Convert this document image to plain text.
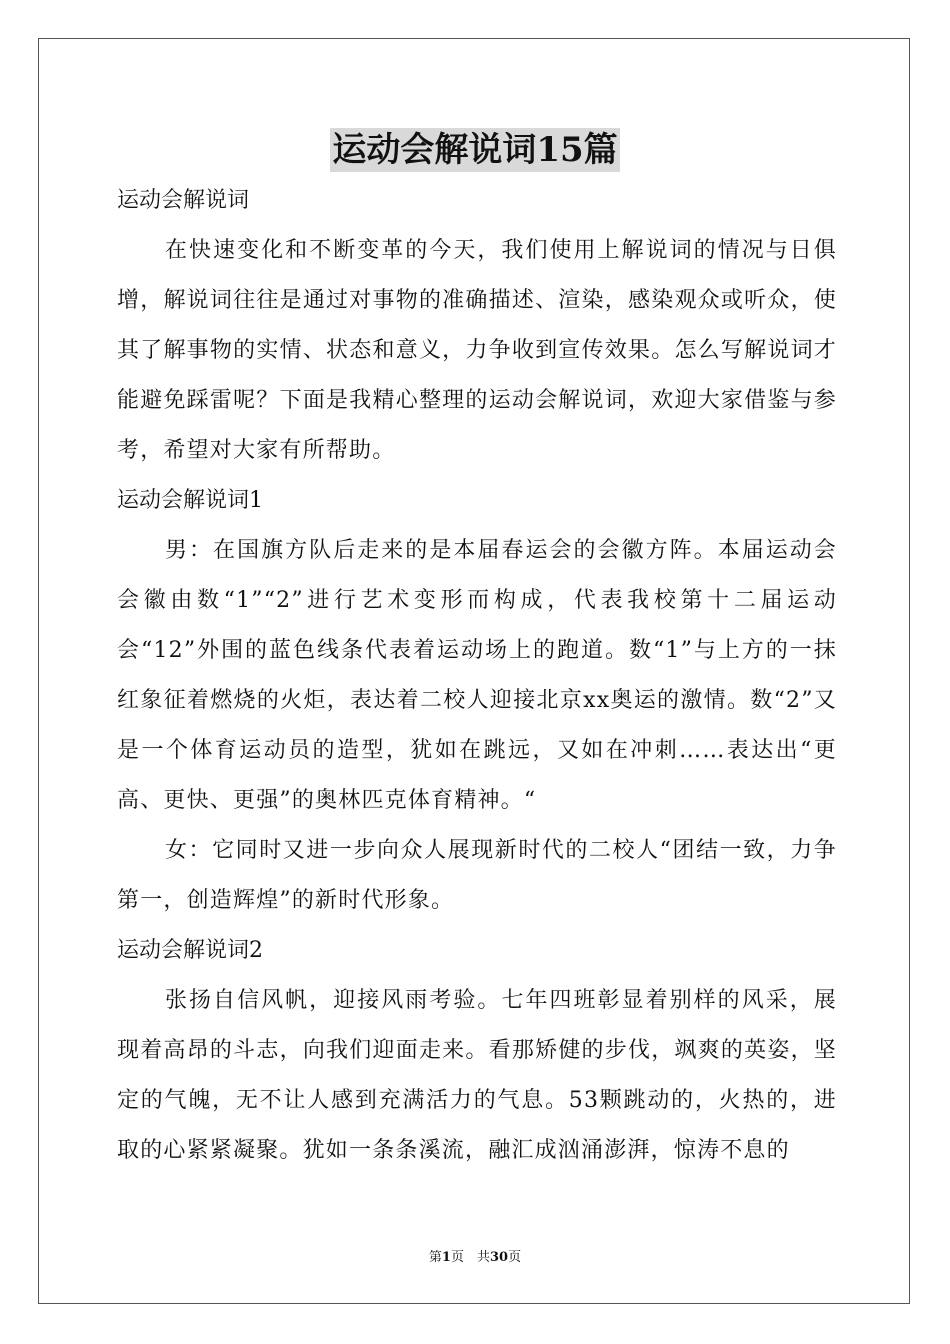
运动会解说词15篇
运动会解说词

在快速变化和不断变革的今天，我们使用上解说词的情况与日俱增，解说词往往是通过对事物的准确描述、渲染，感染观众或听众，使其了解事物的实情、状态和意义，力争收到宣传效果。怎么写解说词才能避免踩雷呢？下面是我精心整理的运动会解说词，欢迎大家借鉴与参考，希望对大家有所帮助。

运动会解说词1

男：在国旗方队后走来的是本届春运会的会徽方阵。本届运动会会徽由数“1”“2”进行艺术变形而构成，代表我校第十二届运动会“12”外围的蓝色线条代表着运动场上的跑道。数“1”与上方的一抹红象征着燃烧的火炬，表达着二校人迎接北京xx奥运的激情。数“2”又是一个体育运动员的造型，犹如在跳远，又如在冲刺……表达出“更高、更快、更强”的奥林匹克体育精神。“

女：它同时又进一步向众人展现新时代的二校人“团结一致，力争第一，创造辉煌”的新时代形象。

运动会解说词2

张扬自信风帆，迎接风雨考验。七年四班彰显着别样的风采，展现着高昂的斗志，向我们迎面走来。看那矫健的步伐，飒爽的英姿，坚定的气魄，无不让人感到充满活力的气息。53颗跳动的，火热的，进取的心紧紧凝聚。犹如一条条溪流，融汇成汹涌澎湃，惊涛不息的

第1页　共30页
